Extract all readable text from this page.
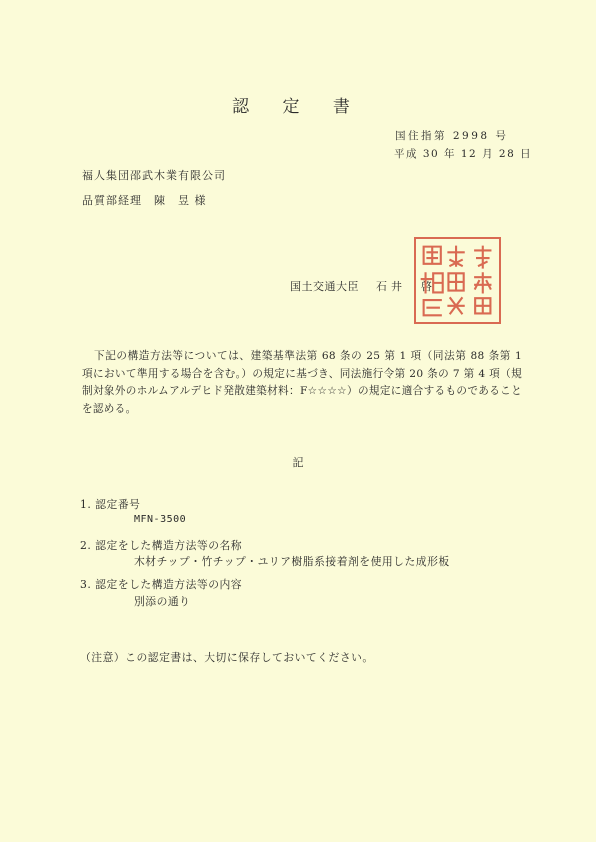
認 定 書
国住指第 2998 号
平成 30 年 12 月 28 日
福人集団邵武木業有限公司
品質部経理　陳　昱 様
国土交通大臣 石井　啓
下記の構造方法等については、建築基準法第 68 条の 25 第 1 項（同法第 88 条第 1 項において準用する場合を含む。）の規定に基づき、同法施行令第 20 条の 7 第 4 項（規制対象外のホルムアルデヒド発散建築材料：F☆☆☆☆）の規定に適合するものであることを認める。
記
1. 認定番号
MFN-3500
2. 認定をした構造方法等の名称
木材チップ・竹チップ・ユリア樹脂系接着剤を使用した成形板
3. 認定をした構造方法等の内容
別添の通り
（注意）この認定書は、大切に保存しておいてください。
